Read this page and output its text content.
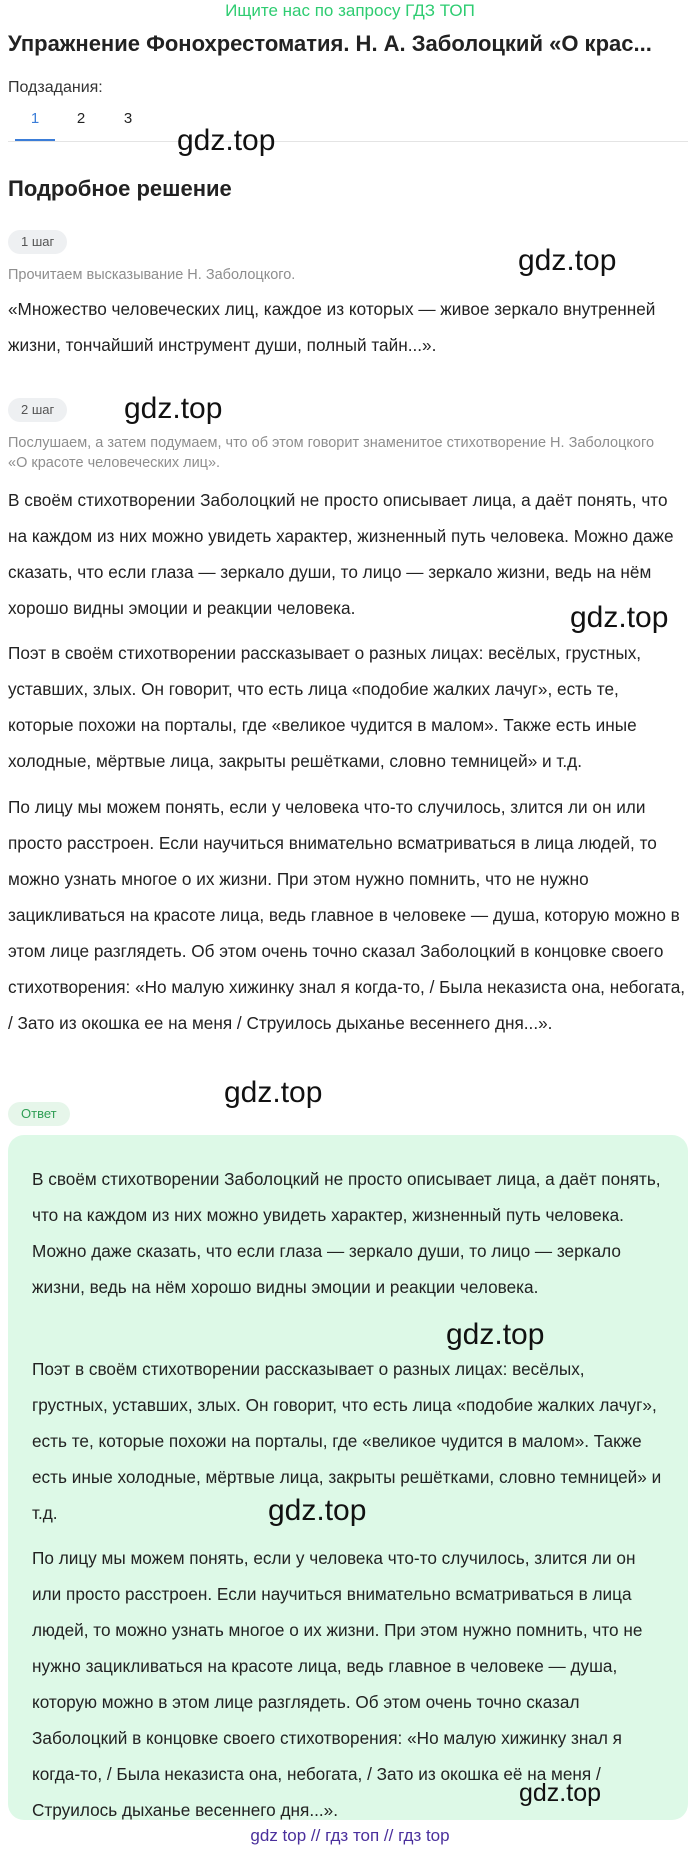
Ищите нас по запросу ГДЗ ТОП
Упражнение Фонохрестоматия. Н. А. Заболоцкий «О крас...
Подзадания:
1	2	3
Подробное решение
1 шаг
Прочитаем высказывание Н. Заболоцкого.
«Множество человеческих лиц, каждое из которых — живое зеркало внутренней жизни, тончайший инструмент души, полный тайн...».
2 шаг
Послушаем, а затем подумаем, что об этом говорит знаменитое стихотворение Н. Заболоцкого «О красоте человеческих лиц».
В своём стихотворении Заболоцкий не просто описывает лица, а даёт понять, что на каждом из них можно увидеть характер, жизненный путь человека. Можно даже сказать, что если глаза — зеркало души, то лицо — зеркало жизни, ведь на нём хорошо видны эмоции и реакции человека.
Поэт в своём стихотворении рассказывает о разных лицах: весёлых, грустных, уставших, злых. Он говорит, что есть лица «подобие жалких лачуг», есть те, которые похожи на порталы, где «великое чудится в малом». Также есть иные холодные, мёртвые лица, закрыты решётками, словно темницей» и т.д.
По лицу мы можем понять, если у человека что-то случилось, злится ли он или просто расстроен. Если научиться внимательно всматриваться в лица людей, то можно узнать многое о их жизни. При этом нужно помнить, что не нужно зацикливаться на красоте лица, ведь главное в человеке — душа, которую можно в этом лице разглядеть. Об этом очень точно сказал Заболоцкий в концовке своего стихотворения: «Но малую хижинку знал я когда-то, / Была неказиста она, небогата, / Зато из окошка ее на меня / Струилось дыханье весеннего дня...».
Ответ
В своём стихотворении Заболоцкий не просто описывает лица, а даёт понять, что на каждом из них можно увидеть характер, жизненный путь человека. Можно даже сказать, что если глаза — зеркало души, то лицо — зеркало жизни, ведь на нём хорошо видны эмоции и реакции человека.
Поэт в своём стихотворении рассказывает о разных лицах: весёлых, грустных, уставших, злых. Он говорит, что есть лица «подобие жалких лачуг», есть те, которые похожи на порталы, где «великое чудится в малом». Также есть иные холодные, мёртвые лица, закрыты решётками, словно темницей» и т.д.
По лицу мы можем понять, если у человека что-то случилось, злится ли он или просто расстроен. Если научиться внимательно всматриваться в лица людей, то можно узнать многое о их жизни. При этом нужно помнить, что не нужно зацикливаться на красоте лица, ведь главное в человеке — душа, которую можно в этом лице разглядеть. Об этом очень точно сказал Заболоцкий в концовке своего стихотворения: «Но малую хижинку знал я когда-то, / Была неказиста она, небогата, / Зато из окошка её на меня / Струилось дыханье весеннего дня...».
gdz.top
gdz.top
gdz.top
gdz.top
gdz.top
gdz.top
gdz.top
gdz.top
gdz top // гдз топ // гдз top
